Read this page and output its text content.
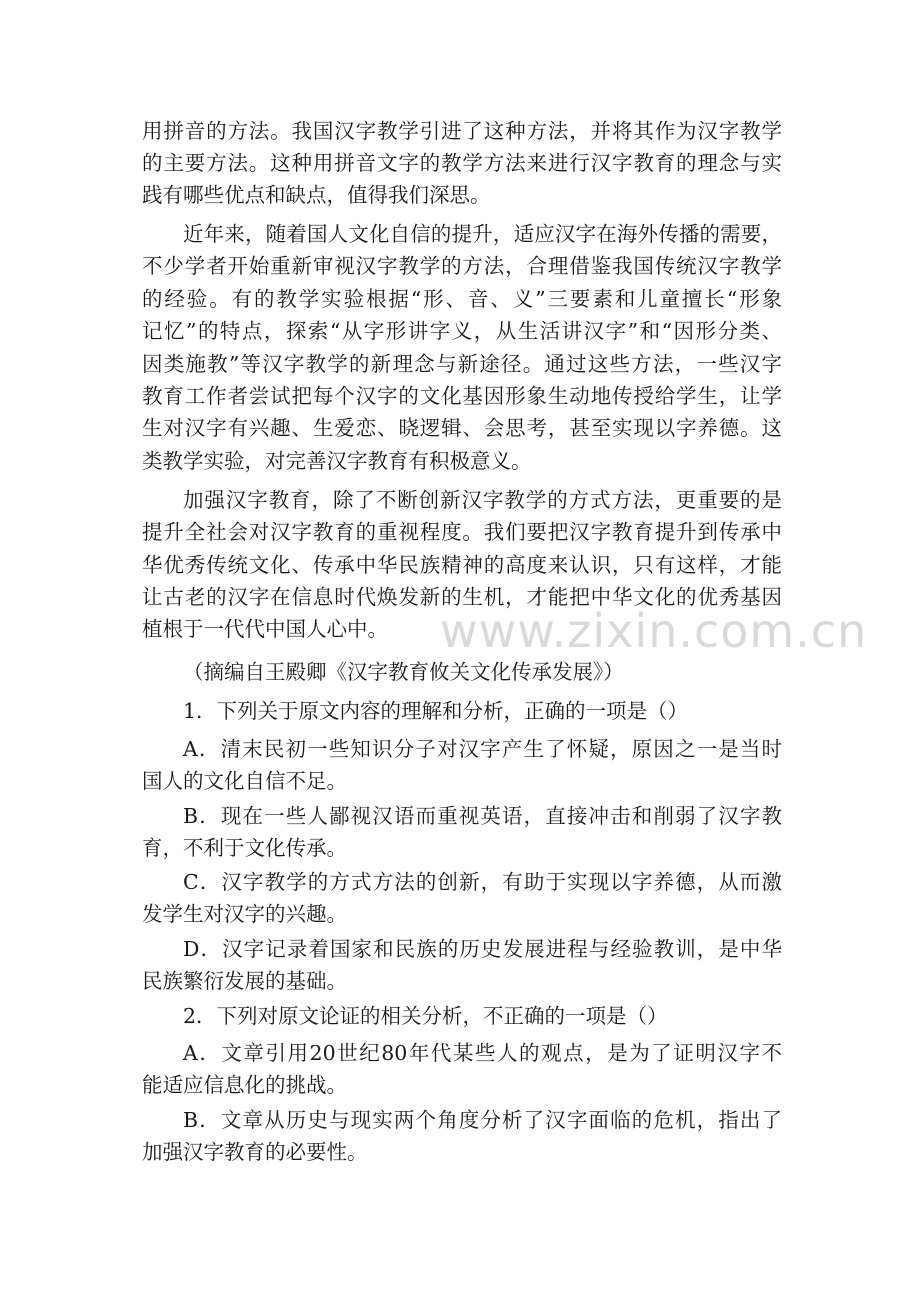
用拼音的方法。我国汉字教学引进了这种方法，并将其作为汉字教学

的主要方法。这种用拼音文字的教学方法来进行汉字教育的理念与实

践有哪些优点和缺点，值得我们深思。

近年来，随着国人文化自信的提升，适应汉字在海外传播的需要，

不少学者开始重新审视汉字教学的方法，合理借鉴我国传统汉字教学

的经验。有的教学实验根据“形、音、义”三要素和儿童擅长“形象

记忆”的特点，探索“从字形讲字义，从生活讲汉字”和“因形分类、

因类施教”等汉字教学的新理念与新途径。通过这些方法，一些汉字

教育工作者尝试把每个汉字的文化基因形象生动地传授给学生，让学

生对汉字有兴趣、生爱恋、晓逻辑、会思考，甚至实现以字养德。这

类教学实验，对完善汉字教育有积极意义。

加强汉字教育，除了不断创新汉字教学的方式方法，更重要的是

提升全社会对汉字教育的重视程度。我们要把汉字教育提升到传承中

华优秀传统文化、传承中华民族精神的高度来认识，只有这样，才能

让古老的汉字在信息时代焕发新的生机，才能把中华文化的优秀基因

植根于一代代中国人心中。

（摘编自王殿卿《汉字教育攸关文化传承发展》）

1．下列关于原文内容的理解和分析，正确的一项是（）

A．清末民初一些知识分子对汉字产生了怀疑，原因之一是当时

国人的文化自信不足。

B．现在一些人鄙视汉语而重视英语，直接冲击和削弱了汉字教

育，不利于文化传承。

C．汉字教学的方式方法的创新，有助于实现以字养德，从而激

发学生对汉字的兴趣。

D．汉字记录着国家和民族的历史发展进程与经验教训，是中华

民族繁衍发展的基础。

2．下列对原文论证的相关分析，不正确的一项是（）

A．文章引用20世纪80年代某些人的观点，是为了证明汉字不

能适应信息化的挑战。

B．文章从历史与现实两个角度分析了汉字面临的危机，指出了

加强汉字教育的必要性。

www.zixin.com.cn
